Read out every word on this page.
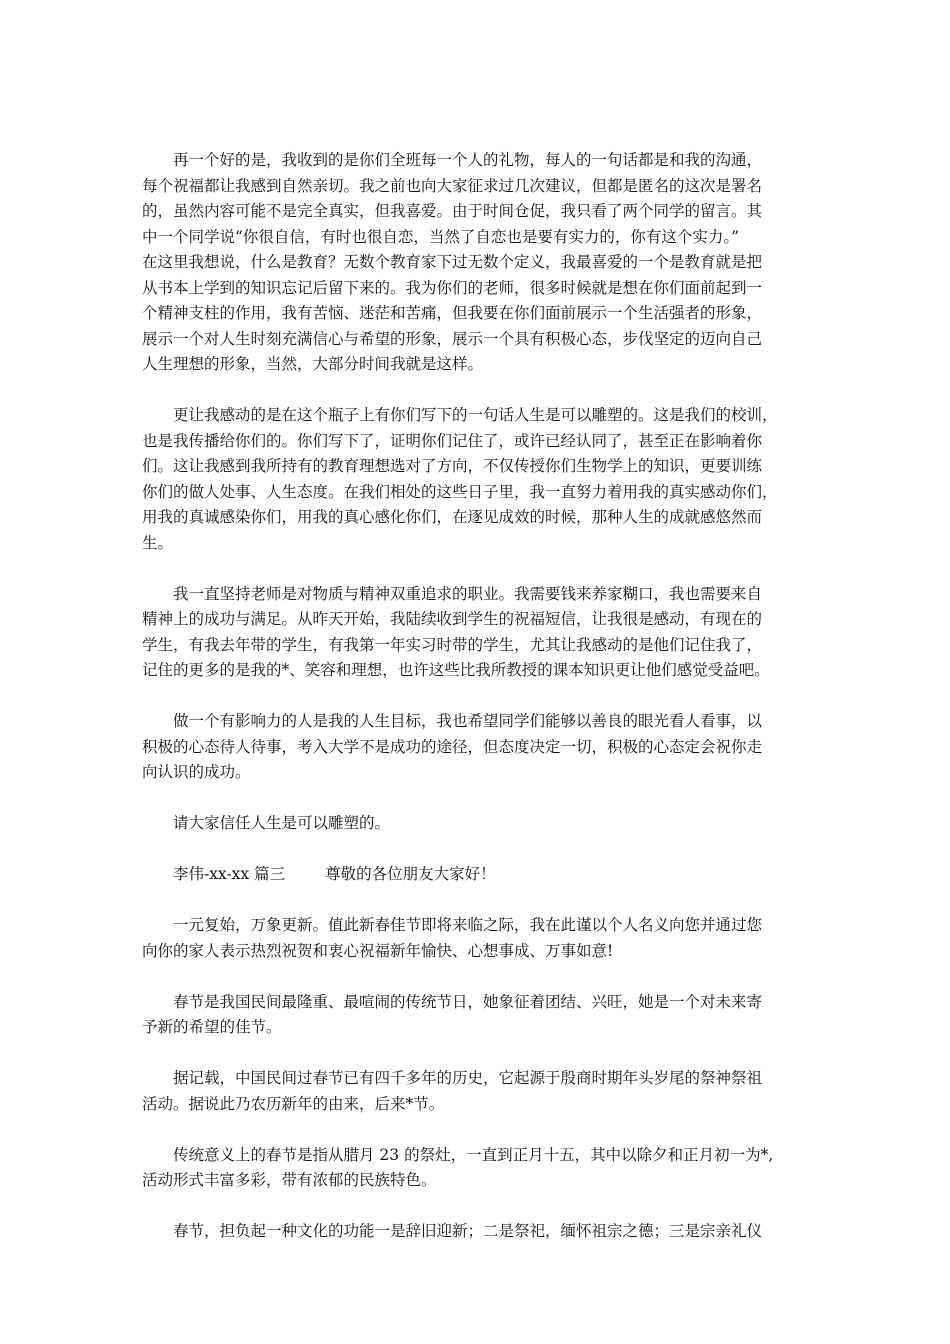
再一个好的是，我收到的是你们全班每一个人的礼物，每人的一句话都是和我的沟通，
每个祝福都让我感到自然亲切。我之前也向大家征求过几次建议，但都是匿名的这次是署名
的，虽然内容可能不是完全真实，但我喜爱。由于时间仓促，我只看了两个同学的留言。其
中一个同学说“你很自信，有时也很自恋，当然了自恋也是要有实力的，你有这个实力。”
在这里我想说，什么是教育？无数个教育家下过无数个定义，我最喜爱的一个是教育就是把
从书本上学到的知识忘记后留下来的。我为你们的老师，很多时候就是想在你们面前起到一
个精神支柱的作用，我有苦恼、迷茫和苦痛，但我要在你们面前展示一个生活强者的形象，
展示一个对人生时刻充满信心与希望的形象，展示一个具有积极心态，步伐坚定的迈向自己
人生理想的形象，当然，大部分时间我就是这样。
更让我感动的是在这个瓶子上有你们写下的一句话人生是可以雕塑的。这是我们的校训，
也是我传播给你们的。你们写下了，证明你们记住了，或许已经认同了，甚至正在影响着你
们。这让我感到我所持有的教育理想选对了方向，不仅传授你们生物学上的知识，更要训练
你们的做人处事、人生态度。在我们相处的这些日子里，我一直努力着用我的真实感动你们，
用我的真诚感染你们，用我的真心感化你们，在逐见成效的时候，那种人生的成就感悠然而
生。
我一直坚持老师是对物质与精神双重追求的职业。我需要钱来养家糊口，我也需要来自
精神上的成功与满足。从昨天开始，我陆续收到学生的祝福短信，让我很是感动，有现在的
学生，有我去年带的学生，有我第一年实习时带的学生，尤其让我感动的是他们记住我了，
记住的更多的是我的*、笑容和理想，也许这些比我所教授的课本知识更让他们感觉受益吧。
做一个有影响力的人是我的人生目标，我也希望同学们能够以善良的眼光看人看事，以
积极的心态待人待事，考入大学不是成功的途径，但态度决定一切，积极的心态定会祝你走
向认识的成功。
请大家信任人生是可以雕塑的。
李伟-xx-xx 篇三	尊敬的各位朋友大家好！
一元复始，万象更新。值此新春佳节即将来临之际，我在此谨以个人名义向您并通过您
向你的家人表示热烈祝贺和衷心祝福新年愉快、心想事成、万事如意!
春节是我国民间最隆重、最喧闹的传统节日，她象征着团结、兴旺，她是一个对未来寄
予新的希望的佳节。
据记载，中国民间过春节已有四千多年的历史，它起源于殷商时期年头岁尾的祭神祭祖
活动。据说此乃农历新年的由来，后来*节。
传统意义上的春节是指从腊月 23 的祭灶，一直到正月十五，其中以除夕和正月初一为*,
活动形式丰富多彩，带有浓郁的民族特色。
春节，担负起一种文化的功能一是辞旧迎新；二是祭祀，缅怀祖宗之德；三是宗亲礼仪
